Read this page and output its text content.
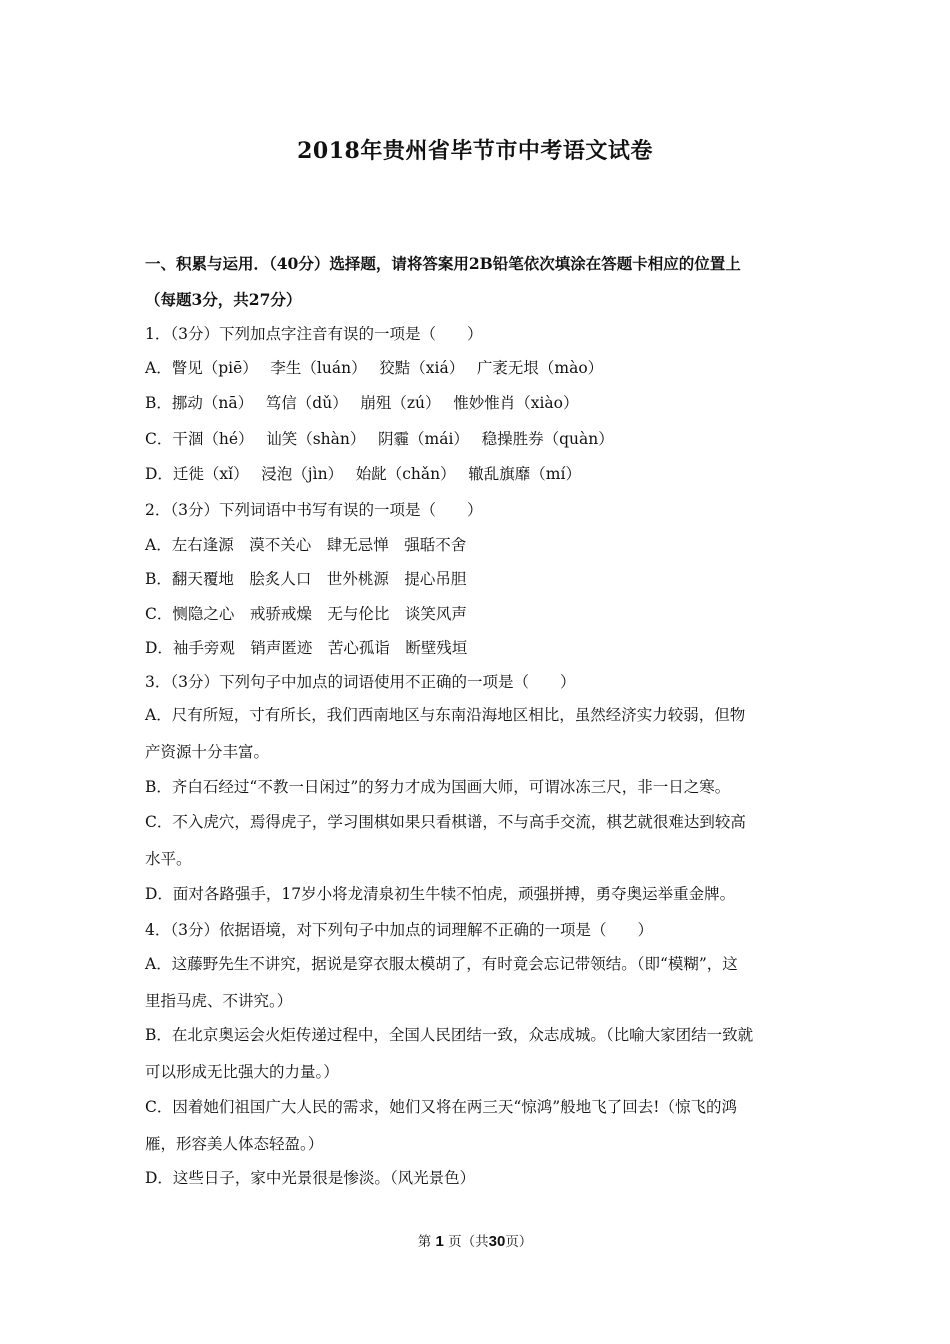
2018年贵州省毕节市中考语文试卷
一、积累与运用．（40分）选择题，请将答案用2B铅笔依次填涂在答题卡相应的位置上
（每题3分，共27分）
1．（3分）下列加点字注音有误的一项是（　　）
A．瞥见（piē）　 李生（luán）　 狡黠（xiá）　 广袤无垠（mào）
B．挪动（nā）　 笃信（dǔ）　 崩殂（zú）　 惟妙惟肖（xiào）
C．干涸（hé）　 讪笑（shàn）　 阴霾（mái）　 稳操胜券（quàn）
D．迁徙（xǐ）　 浸泡（jìn）　 始龀（chǎn）　 辙乱旗靡（mí）
2．（3分）下列词语中书写有误的一项是（　　）
A．左右逢源　漠不关心　肆无忌惮　强聒不舍
B．翻天覆地　脍炙人口　世外桃源　提心吊胆
C．恻隐之心　戒骄戒燥　无与伦比　谈笑风声
D．袖手旁观　销声匿迹　苦心孤诣　断壁残垣
3．（3分）下列句子中加点的词语使用不正确的一项是（　　）
A．尺有所短，寸有所长，我们西南地区与东南沿海地区相比，虽然经济实力较弱，但物
产资源十分丰富。
B．齐白石经过“不教一日闲过”的努力才成为国画大师，可谓冰冻三尺，非一日之寒。
C．不入虎穴，焉得虎子，学习围棋如果只看棋谱，不与高手交流，棋艺就很难达到较高
水平。
D．面对各路强手，17岁小将龙清泉初生牛犊不怕虎，顽强拼搏，勇夺奥运举重金牌。
4．（3分）依据语境，对下列句子中加点的词理解不正确的一项是（　　）
A．这藤野先生不讲究，据说是穿衣服太模胡了，有时竟会忘记带领结。（即“模糊”，这
里指马虎、不讲究。）
B．在北京奥运会火炬传递过程中，全国人民团结一致，众志成城。（比喻大家团结一致就
可以形成无比强大的力量。）
C．因着她们祖国广大人民的需求，她们又将在两三天“惊鸿”般地飞了回去!（惊飞的鸿
雁，形容美人体态轻盈。）
D．这些日子，家中光景很是惨淡。（风光景色）
第 1 页（共30页）
